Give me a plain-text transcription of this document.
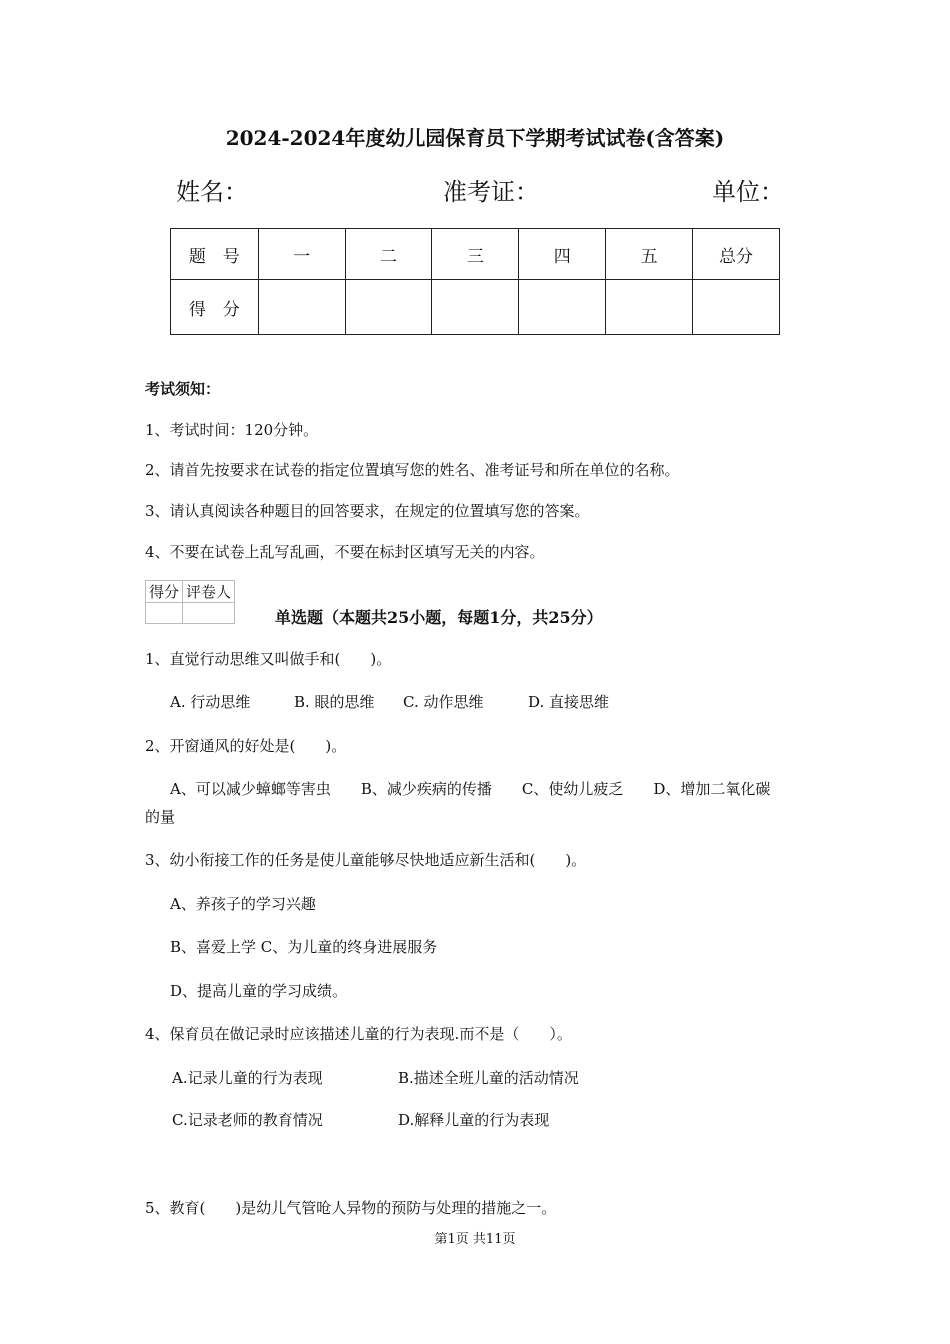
2024-2024年度幼儿园保育员下学期考试试卷(含答案)
姓名：	准考证：	单位：
题　号	一	二	三	四	五	总分
得　分						
考试须知：
1、考试时间：120分钟。
2、请首先按要求在试卷的指定位置填写您的姓名、准考证号和所在单位的名称。
3、请认真阅读各种题目的回答要求，在规定的位置填写您的答案。
4、不要在试卷上乱写乱画，不要在标封区填写无关的内容。
得分	评卷人

单选题（本题共25小题，每题1分，共25分）
1、直觉行动思维又叫做手和(　　)。
A. 行动思维	B. 眼的思维 C. 动作思维	D. 直接思维
2、开窗通风的好处是(　　)。
A、可以减少蟑螂等害虫　　B、减少疾病的传播　　C、使幼儿疲乏　　D、增加二氧化碳
的量
3、幼小衔接工作的任务是使儿童能够尽快地适应新生活和(　　)。
A、养孩子的学习兴趣
B、喜爱上学 C、为儿童的终身进展服务
D、提高儿童的学习成绩。
4、保育员在做记录时应该描述儿童的行为表现.而不是（　　）。
A.记录儿童的行为表现	B.描述全班儿童的活动情况
C.记录老师的教育情况	D.解释儿童的行为表现
5、教育(　　)是幼儿气管呛人异物的预防与处理的措施之一。
第1页 共11页
